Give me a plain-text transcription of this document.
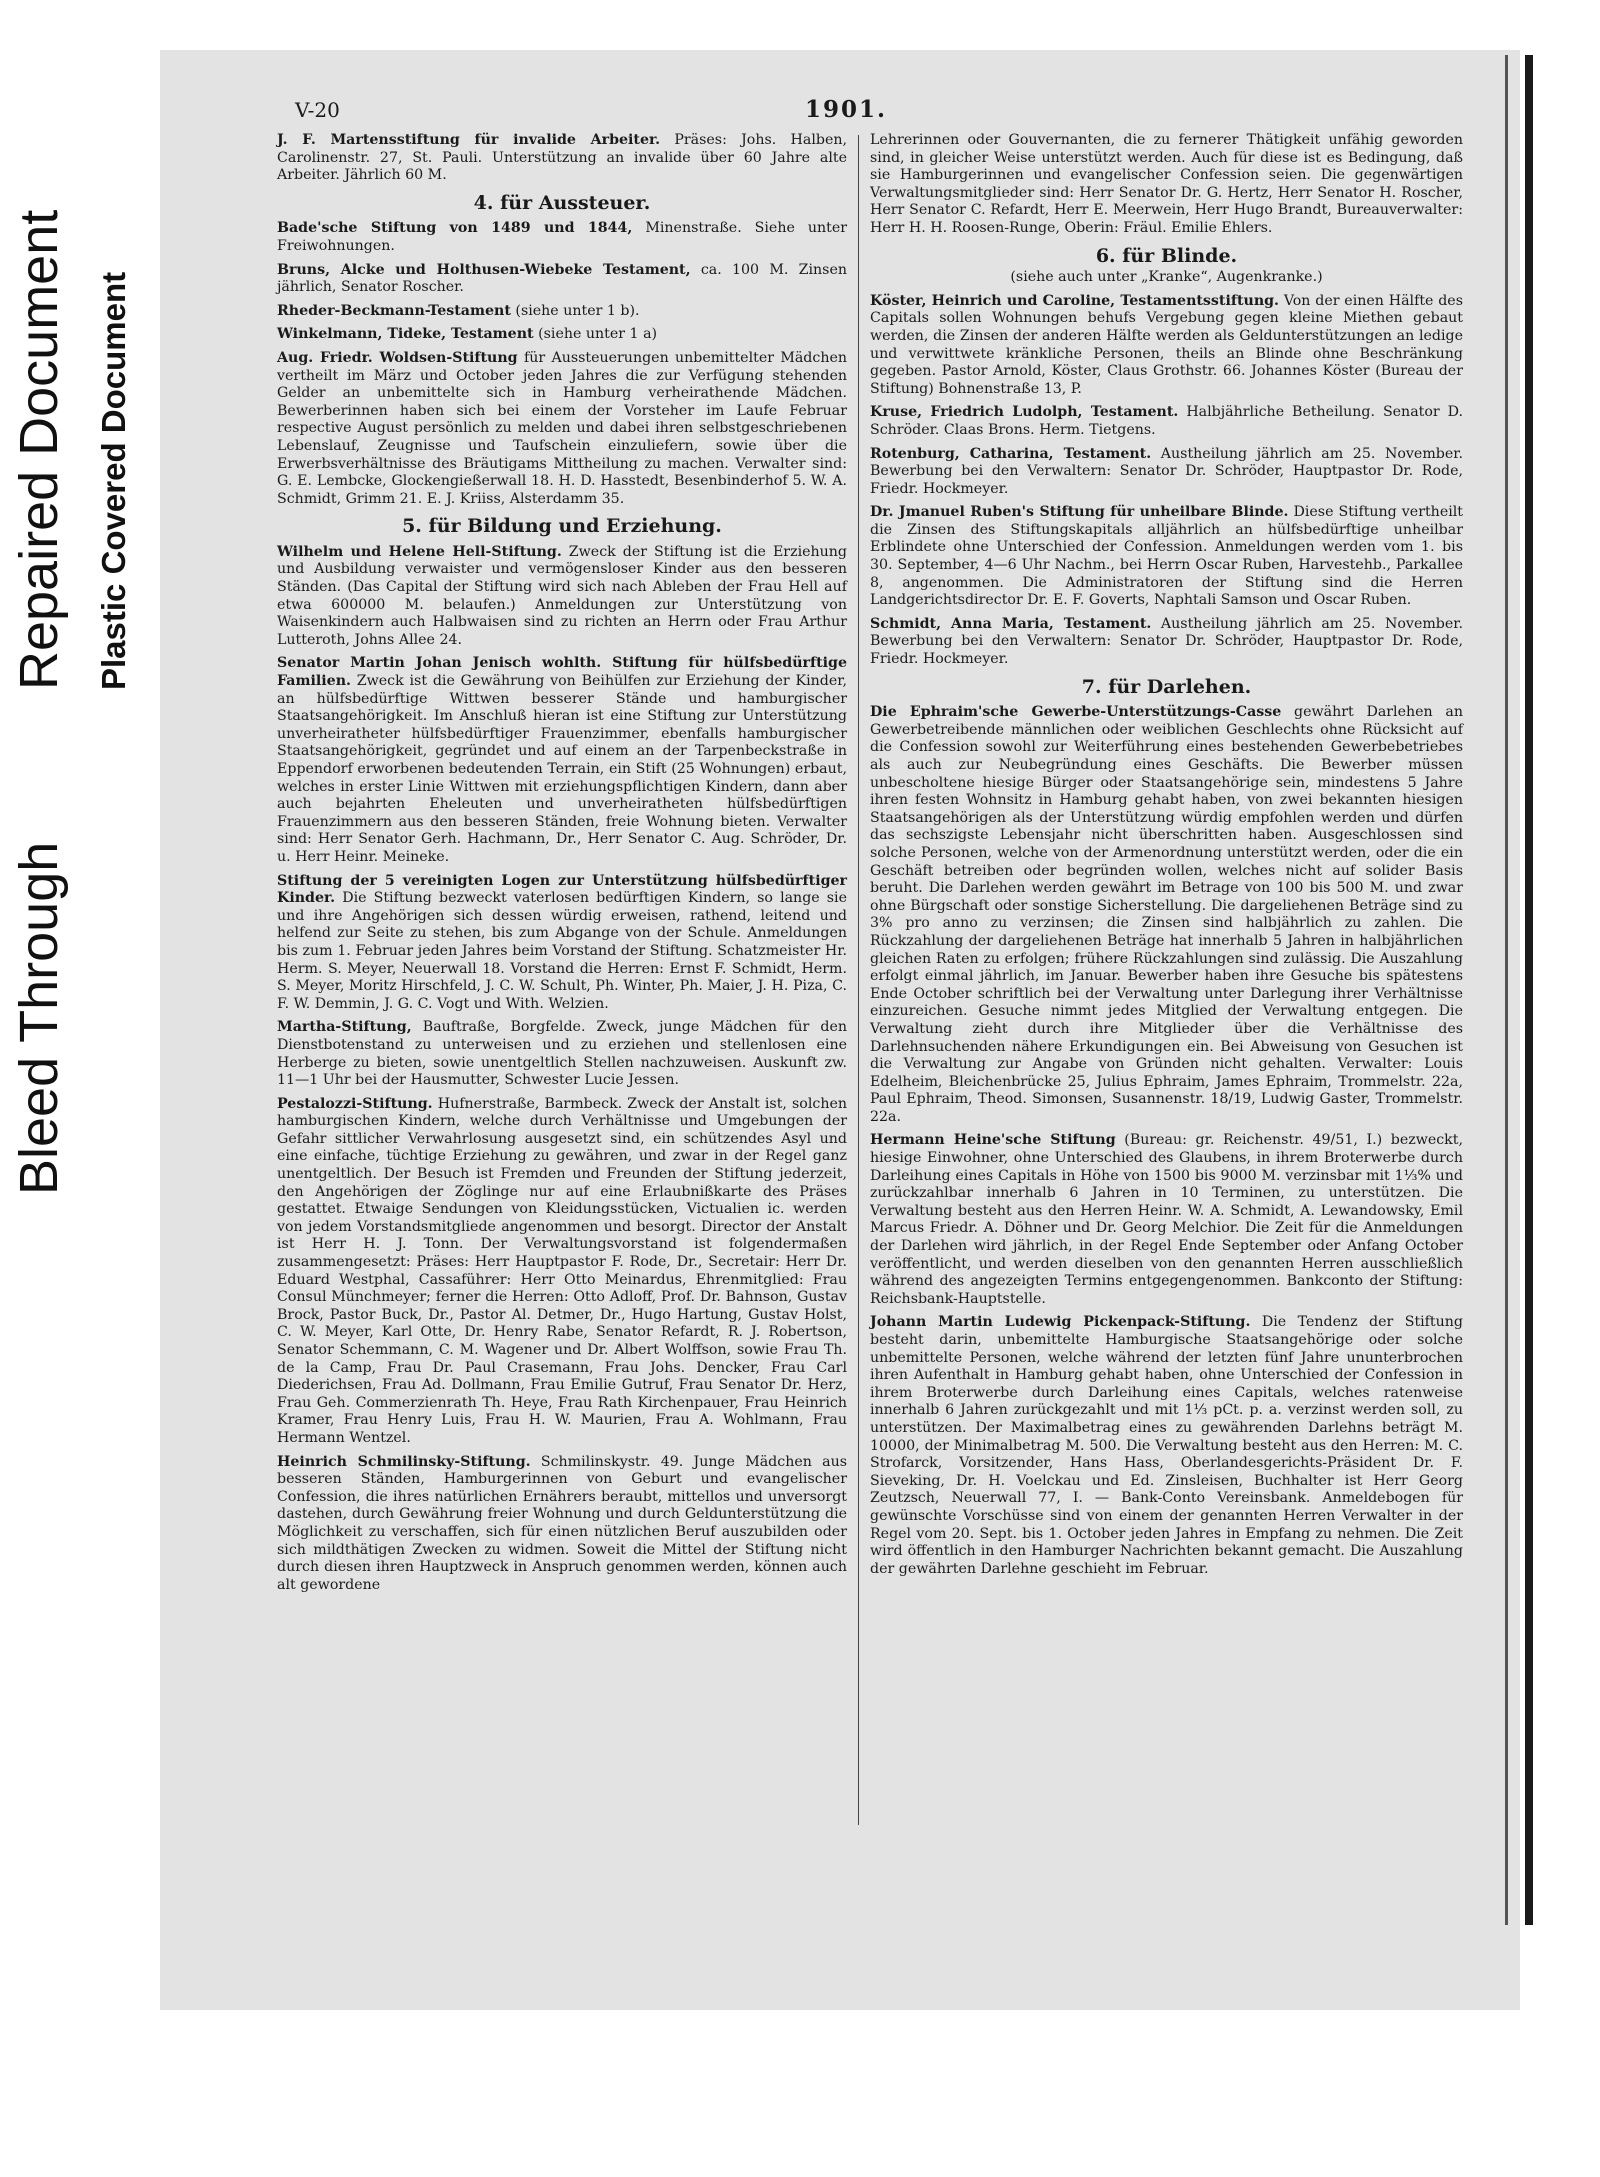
Bleed Through
Repaired Document Plastic Covered Document
V-20	1901.
J. F. Martensstiftung für invalide Arbeiter. Präses: Johs. Halben, Carolinenstr. 27, St. Pauli. Unterstützung an invalide über 60 Jahre alte Arbeiter. Jährlich 60 M.
4. für Aussteuer.
Bade'sche Stiftung von 1489 und 1844, Minenstraße. Siehe unter Freiwohnungen.
Bruns, Alcke und Holthusen-Wiebeke Testament, ca. 100 M. Zinsen jährlich, Senator Roscher.
Rheder-Beckmann-Testament (siehe unter 1 b).
Winkelmann, Tideke, Testament (siehe unter 1 a)
Aug. Friedr. Woldsen-Stiftung für Aussteuerungen unbemittelter Mädchen vertheilt im März und October jeden Jahres die zur Verfügung stehenden Gelder an unbemittelte sich in Hamburg verheirathende Mädchen. Bewerberinnen haben sich bei einem der Vorsteher im Laufe Februar respective August persönlich zu melden und dabei ihren selbstgeschriebenen Lebenslauf, Zeugnisse und Taufschein einzuliefern, sowie über die Erwerbsverhältnisse des Bräutigams Mittheilung zu machen. Verwalter sind: G. E. Lembcke, Glockengießerwall 18. H. D. Hasstedt, Besenbinderhof 5. W. A. Schmidt, Grimm 21. E. J. Kriiss, Alsterdamm 35.
5. für Bildung und Erziehung.
Wilhelm und Helene Hell-Stiftung. Zweck der Stiftung ist die Erziehung und Ausbildung verwaister und vermögensloser Kinder aus den besseren Ständen. (Das Capital der Stiftung wird sich nach Ableben der Frau Hell auf etwa 600000 M. belaufen.) Anmeldungen zur Unterstützung von Waisenkindern auch Halbwaisen sind zu richten an Herrn oder Frau Arthur Lutteroth, Johns Allee 24.
Senator Martin Johan Jenisch wohlth. Stiftung für hülfsbedürftige Familien. Zweck ist die Gewährung von Beihülfen zur Erziehung der Kinder, an hülfsbedürftige Wittwen besserer Stände und hamburgischer Staatsangehörigkeit. Im Anschluß hieran ist eine Stiftung zur Unterstützung unverheiratheter hülfsbedürftiger Frauenzimmer, ebenfalls hamburgischer Staatsangehörigkeit, gegründet und auf einem an der Tarpenbeckstraße in Eppendorf erworbenen bedeutenden Terrain, ein Stift (25 Wohnungen) erbaut, welches in erster Linie Wittwen mit erziehungspflichtigen Kindern, dann aber auch bejahrten Eheleuten und unverheiratheten hülfsbedürftigen Frauenzimmern aus den besseren Ständen, freie Wohnung bieten. Verwalter sind: Herr Senator Gerh. Hachmann, Dr., Herr Senator C. Aug. Schröder, Dr. u. Herr Heinr. Meineke.
Stiftung der 5 vereinigten Logen zur Unterstützung hülfsbedürftiger Kinder. Die Stiftung bezweckt vaterlosen bedürftigen Kindern, so lange sie und ihre Angehörigen sich dessen würdig erweisen, rathend, leitend und helfend zur Seite zu stehen, bis zum Abgange von der Schule. Anmeldungen bis zum 1. Februar jeden Jahres beim Vorstand der Stiftung. Schatzmeister Hr. Herm. S. Meyer, Neuerwall 18. Vorstand die Herren: Ernst F. Schmidt, Herm. S. Meyer, Moritz Hirschfeld, J. C. W. Schult, Ph. Winter, Ph. Maier, J. H. Piza, C. F. W. Demmin, J. G. C. Vogt und With. Welzien.
Martha-Stiftung, Bauftraße, Borgfelde. Zweck, junge Mädchen für den Dienstbotenstand zu unterweisen und zu erziehen und stellenlosen eine Herberge zu bieten, sowie unentgeltlich Stellen nachzuweisen. Auskunft zw. 11—1 Uhr bei der Hausmutter, Schwester Lucie Jessen.
Pestalozzi-Stiftung. Hufnerstraße, Barmbeck. Zweck der Anstalt ist, solchen hamburgischen Kindern, welche durch Verhältnisse und Umgebungen der Gefahr sittlicher Verwahrlosung ausgesetzt sind, ein schützendes Asyl und eine einfache, tüchtige Erziehung zu gewähren, und zwar in der Regel ganz unentgeltlich. Der Besuch ist Fremden und Freunden der Stiftung jederzeit, den Angehörigen der Zöglinge nur auf eine Erlaubnißkarte des Präses gestattet. Etwaige Sendungen von Kleidungsstücken, Victualien ic. werden von jedem Vorstandsmitgliede angenommen und besorgt. Director der Anstalt ist Herr H. J. Tonn. Der Verwaltungsvorstand ist folgendermaßen zusammengesetzt: Präses: Herr Hauptpastor F. Rode, Dr., Secretair: Herr Dr. Eduard Westphal, Cassaführer: Herr Otto Meinardus, Ehrenmitglied: Frau Consul Münchmeyer; ferner die Herren: Otto Adloff, Prof. Dr. Bahnson, Gustav Brock, Pastor Buck, Dr., Pastor Al. Detmer, Dr., Hugo Hartung, Gustav Holst, C. W. Meyer, Karl Otte, Dr. Henry Rabe, Senator Refardt, R. J. Robertson, Senator Schemmann, C. M. Wagener und Dr. Albert Wolffson, sowie Frau Th. de la Camp, Frau Dr. Paul Crasemann, Frau Johs. Dencker, Frau Carl Diederichsen, Frau Ad. Dollmann, Frau Emilie Gutruf, Frau Senator Dr. Herz, Frau Geh. Commerzienrath Th. Heye, Frau Rath Kirchenpauer, Frau Heinrich Kramer, Frau Henry Luis, Frau H. W. Maurien, Frau A. Wohlmann, Frau Hermann Wentzel.
Heinrich Schmilinsky-Stiftung. Schmilinskystr. 49. Junge Mädchen aus besseren Ständen, Hamburgerinnen von Geburt und evangelischer Confession, die ihres natürlichen Ernährers beraubt, mittellos und unversorgt dastehen, durch Gewährung freier Wohnung und durch Geldunterstützung die Möglichkeit zu verschaffen, sich für einen nützlichen Beruf auszubilden oder sich mildthätigen Zwecken zu widmen. Soweit die Mittel der Stiftung nicht durch diesen ihren Hauptzweck in Anspruch genommen werden, können auch alt gewordene
Lehrerinnen oder Gouvernanten, die zu fernerer Thätigkeit unfähig geworden sind, in gleicher Weise unterstützt werden. Auch für diese ist es Bedingung, daß sie Hamburgerinnen und evangelischer Confession seien. Die gegenwärtigen Verwaltungsmitglieder sind: Herr Senator Dr. G. Hertz, Herr Senator H. Roscher, Herr Senator C. Refardt, Herr E. Meerwein, Herr Hugo Brandt, Bureauverwalter: Herr H. H. Roosen-Runge, Oberin: Fräul. Emilie Ehlers.
6. für Blinde.
(siehe auch unter „Kranke“, Augenkranke.)
Köster, Heinrich und Caroline, Testamentsstiftung. Von der einen Hälfte des Capitals sollen Wohnungen behufs Vergebung gegen kleine Miethen gebaut werden, die Zinsen der anderen Hälfte werden als Geldunterstützungen an ledige und verwittwete kränkliche Personen, theils an Blinde ohne Beschränkung gegeben. Pastor Arnold, Köster, Claus Grothstr. 66. Johannes Köster (Bureau der Stiftung) Bohnenstraße 13, P.
Kruse, Friedrich Ludolph, Testament. Halbjährliche Betheilung. Senator D. Schröder. Claas Brons. Herm. Tietgens.
Rotenburg, Catharina, Testament. Austheilung jährlich am 25. November. Bewerbung bei den Verwaltern: Senator Dr. Schröder, Hauptpastor Dr. Rode, Friedr. Hockmeyer.
Dr. Jmanuel Ruben's Stiftung für unheilbare Blinde. Diese Stiftung vertheilt die Zinsen des Stiftungskapitals alljährlich an hülfsbedürftige unheilbar Erblindete ohne Unterschied der Confession. Anmeldungen werden vom 1. bis 30. September, 4—6 Uhr Nachm., bei Herrn Oscar Ruben, Harvestehb., Parkallee 8, angenommen. Die Administratoren der Stiftung sind die Herren Landgerichtsdirector Dr. E. F. Goverts, Naphtali Samson und Oscar Ruben.
Schmidt, Anna Maria, Testament. Austheilung jährlich am 25. November. Bewerbung bei den Verwaltern: Senator Dr. Schröder, Hauptpastor Dr. Rode, Friedr. Hockmeyer.
7. für Darlehen.
Die Ephraim'sche Gewerbe-Unterstützungs-Casse gewährt Darlehen an Gewerbetreibende männlichen oder weiblichen Geschlechts ohne Rücksicht auf die Confession sowohl zur Weiterführung eines bestehenden Gewerbebetriebes als auch zur Neubegründung eines Geschäfts. Die Bewerber müssen unbescholtene hiesige Bürger oder Staatsangehörige sein, mindestens 5 Jahre ihren festen Wohnsitz in Hamburg gehabt haben, von zwei bekannten hiesigen Staatsangehörigen als der Unterstützung würdig empfohlen werden und dürfen das sechszigste Lebensjahr nicht überschritten haben. Ausgeschlossen sind solche Personen, welche von der Armenordnung unterstützt werden, oder die ein Geschäft betreiben oder begründen wollen, welches nicht auf solider Basis beruht. Die Darlehen werden gewährt im Betrage von 100 bis 500 M. und zwar ohne Bürgschaft oder sonstige Sicherstellung. Die dargeliehenen Beträge sind zu 3% pro anno zu verzinsen; die Zinsen sind halbjährlich zu zahlen. Die Rückzahlung der dargeliehenen Beträge hat innerhalb 5 Jahren in halbjährlichen gleichen Raten zu erfolgen; frühere Rückzahlungen sind zulässig. Die Auszahlung erfolgt einmal jährlich, im Januar. Bewerber haben ihre Gesuche bis spätestens Ende October schriftlich bei der Verwaltung unter Darlegung ihrer Verhältnisse einzureichen. Gesuche nimmt jedes Mitglied der Verwaltung entgegen. Die Verwaltung zieht durch ihre Mitglieder über die Verhältnisse des Darlehnsuchenden nähere Erkundigungen ein. Bei Abweisung von Gesuchen ist die Verwaltung zur Angabe von Gründen nicht gehalten. Verwalter: Louis Edelheim, Bleichenbrücke 25, Julius Ephraim, James Ephraim, Trommelstr. 22a, Paul Ephraim, Theod. Simonsen, Susannenstr. 18/19, Ludwig Gaster, Trommelstr. 22a.
Hermann Heine'sche Stiftung (Bureau: gr. Reichenstr. 49/51, I.) bezweckt, hiesige Einwohner, ohne Unterschied des Glaubens, in ihrem Broterwerbe durch Darleihung eines Capitals in Höhe von 1500 bis 9000 M. verzinsbar mit 1⅓% und zurückzahlbar innerhalb 6 Jahren in 10 Terminen, zu unterstützen. Die Verwaltung besteht aus den Herren Heinr. W. A. Schmidt, A. Lewandowsky, Emil Marcus Friedr. A. Döhner und Dr. Georg Melchior. Die Zeit für die Anmeldungen der Darlehen wird jährlich, in der Regel Ende September oder Anfang October veröffentlicht, und werden dieselben von den genannten Herren ausschließlich während des angezeigten Termins entgegengenommen. Bankconto der Stiftung: Reichsbank-Hauptstelle.
Johann Martin Ludewig Pickenpack-Stiftung. Die Tendenz der Stiftung besteht darin, unbemittelte Hamburgische Staatsangehörige oder solche unbemittelte Personen, welche während der letzten fünf Jahre ununterbrochen ihren Aufenthalt in Hamburg gehabt haben, ohne Unterschied der Confession in ihrem Broterwerbe durch Darleihung eines Capitals, welches ratenweise innerhalb 6 Jahren zurückgezahlt und mit 1⅓ pCt. p. a. verzinst werden soll, zu unterstützen. Der Maximalbetrag eines zu gewährenden Darlehns beträgt M. 10000, der Minimalbetrag M. 500. Die Verwaltung besteht aus den Herren: M. C. Strofarck, Vorsitzender, Hans Hass, Oberlandesgerichts-Präsident Dr. F. Sieveking, Dr. H. Voelckau und Ed. Zinsleisen, Buchhalter ist Herr Georg Zeutzsch, Neuerwall 77, I. — Bank-Conto Vereinsbank. Anmeldebogen für gewünschte Vorschüsse sind von einem der genannten Herren Verwalter in der Regel vom 20. Sept. bis 1. October jeden Jahres in Empfang zu nehmen. Die Zeit wird öffentlich in den Hamburger Nachrichten bekannt gemacht. Die Auszahlung der gewährten Darlehne geschieht im Februar.
